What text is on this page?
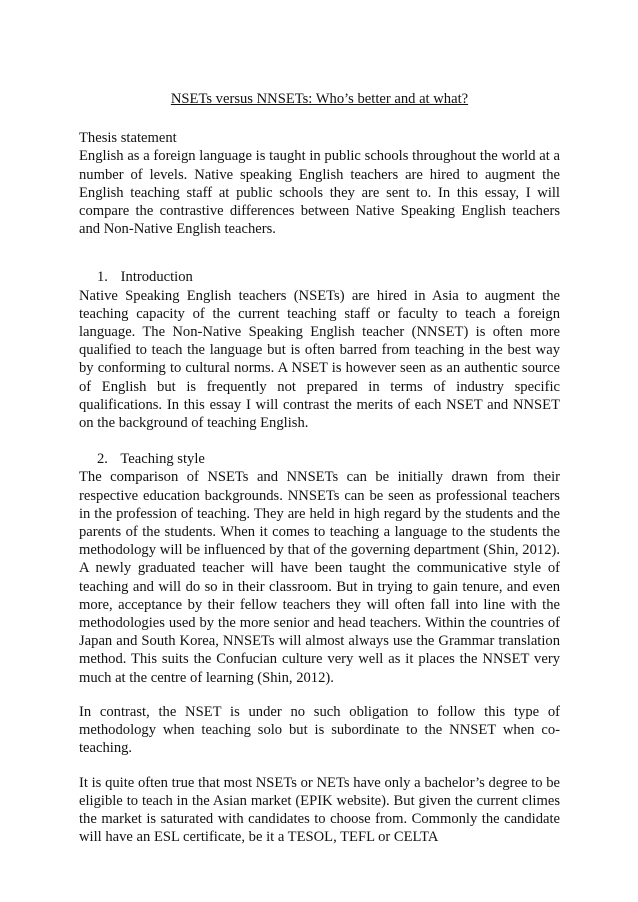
NSETs versus NNSETs: Who’s better and at what?

Thesis statement

English as a foreign language is taught in public schools throughout the world at a number of levels. Native speaking English teachers are hired to augment the English teaching staff at public schools they are sent to. In this essay, I will compare the contrastive differences between Native Speaking English teachers and Non-Native English teachers.

1. Introduction

Native Speaking English teachers (NSETs) are hired in Asia to augment the teaching capacity of the current teaching staff or faculty to teach a foreign language. The Non-Native Speaking English teacher (NNSET) is often more qualified to teach the language but is often barred from teaching in the best way by conforming to cultural norms. A NSET is however seen as an authentic source of English but is frequently not prepared in terms of industry specific qualifications. In this essay I will contrast the merits of each NSET and NNSET on the background of teaching English.

2. Teaching style

The comparison of NSETs and NNSETs can be initially drawn from their respective education backgrounds. NNSETs can be seen as professional teachers in the profession of teaching. They are held in high regard by the students and the parents of the students. When it comes to teaching a language to the students the methodology will be influenced by that of the governing department (Shin, 2012). A newly graduated teacher will have been taught the communicative style of teaching and will do so in their classroom. But in trying to gain tenure, and even more, acceptance by their fellow teachers they will often fall into line with the methodologies used by the more senior and head teachers. Within the countries of Japan and South Korea, NNSETs will almost always use the Grammar translation method. This suits the Confucian culture very well as it places the NNSET very much at the centre of learning (Shin, 2012).

In contrast, the NSET is under no such obligation to follow this type of methodology when teaching solo but is subordinate to the NNSET when co-teaching.

It is quite often true that most NSETs or NETs have only a bachelor’s degree to be eligible to teach in the Asian market (EPIK website). But given the current climes the market is saturated with candidates to choose from. Commonly the candidate will have an ESL certificate, be it a TESOL, TEFL or CELTA
